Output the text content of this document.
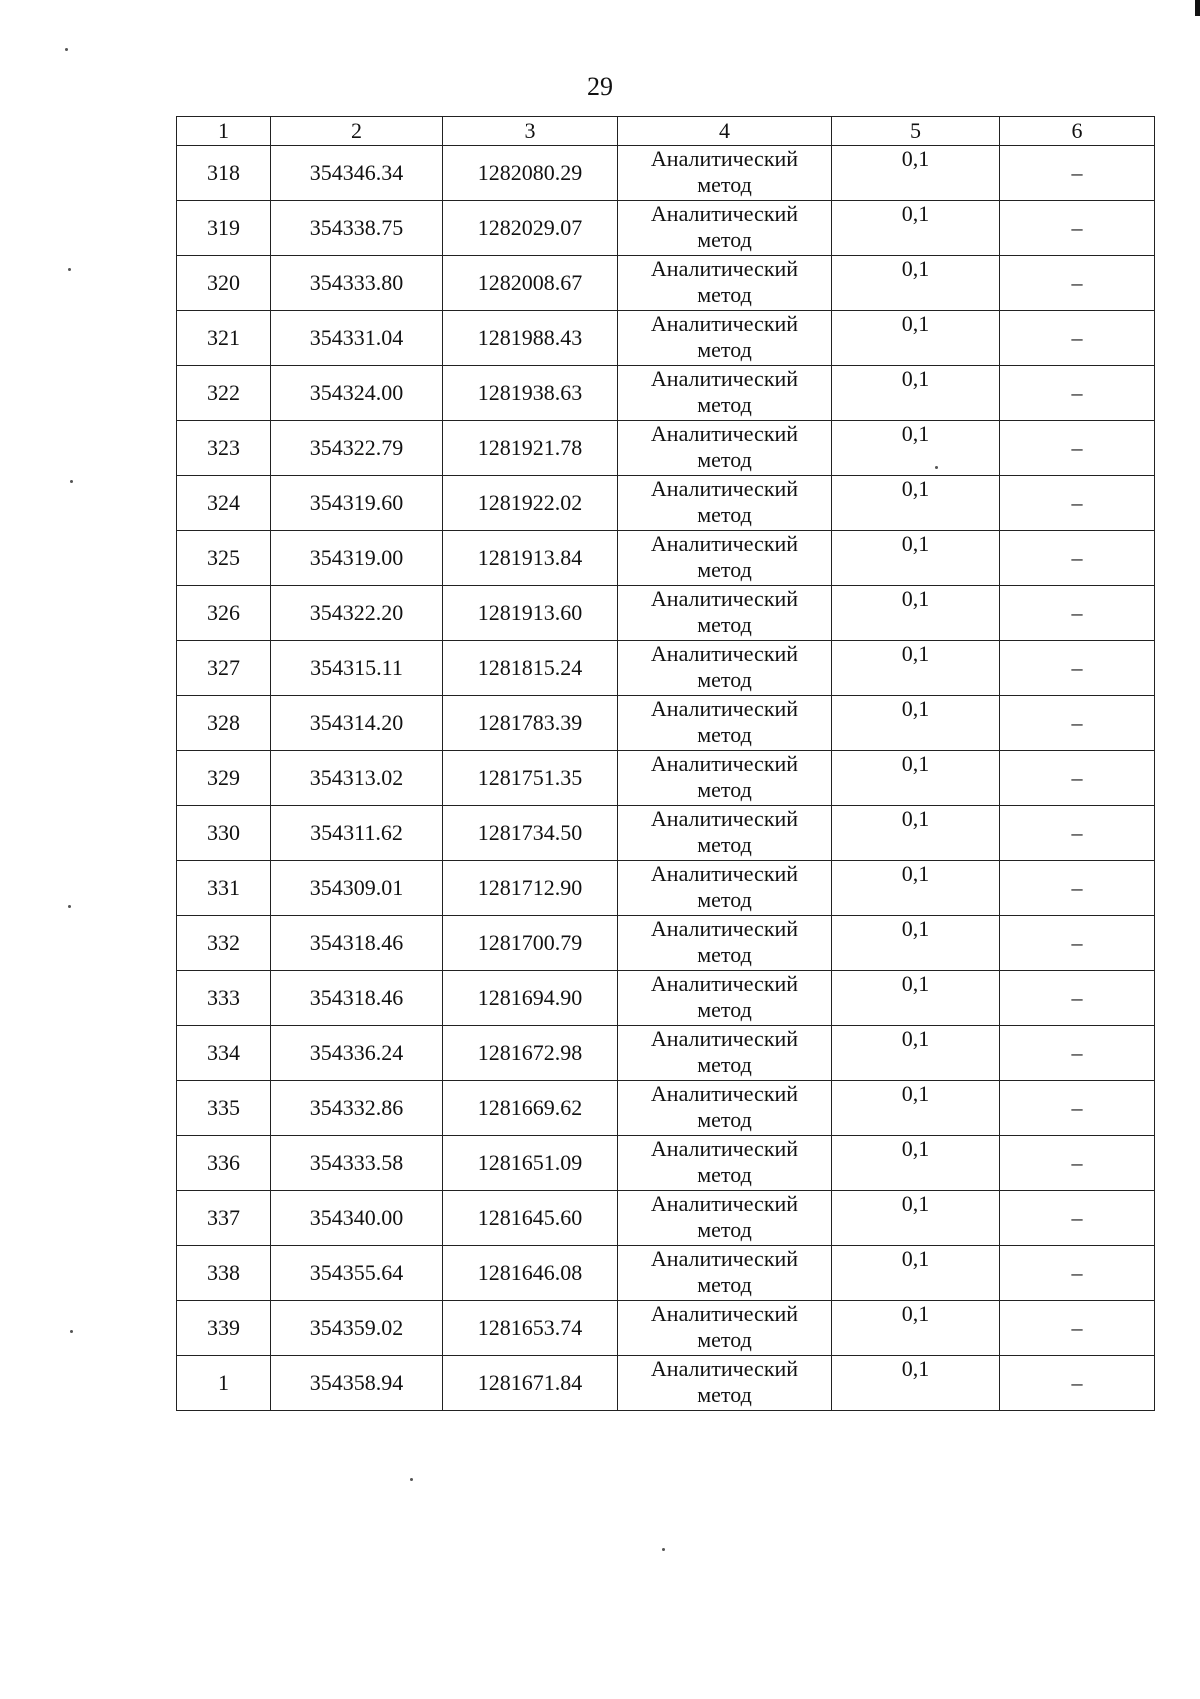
29
1	2	3	4	5	6
318	354346.34	1282080.29	Аналитический
метод	0,1	–
319	354338.75	1282029.07	Аналитический
метод	0,1	–
320	354333.80	1282008.67	Аналитический
метод	0,1	–
321	354331.04	1281988.43	Аналитический
метод	0,1	–
322	354324.00	1281938.63	Аналитический
метод	0,1	–
323	354322.79	1281921.78	Аналитический
метод	0,1	–
324	354319.60	1281922.02	Аналитический
метод	0,1	–
325	354319.00	1281913.84	Аналитический
метод	0,1	–
326	354322.20	1281913.60	Аналитический
метод	0,1	–
327	354315.11	1281815.24	Аналитический
метод	0,1	–
328	354314.20	1281783.39	Аналитический
метод	0,1	–
329	354313.02	1281751.35	Аналитический
метод	0,1	–
330	354311.62	1281734.50	Аналитический
метод	0,1	–
331	354309.01	1281712.90	Аналитический
метод	0,1	–
332	354318.46	1281700.79	Аналитический
метод	0,1	–
333	354318.46	1281694.90	Аналитический
метод	0,1	–
334	354336.24	1281672.98	Аналитический
метод	0,1	–
335	354332.86	1281669.62	Аналитический
метод	0,1	–
336	354333.58	1281651.09	Аналитический
метод	0,1	–
337	354340.00	1281645.60	Аналитический
метод	0,1	–
338	354355.64	1281646.08	Аналитический
метод	0,1	–
339	354359.02	1281653.74	Аналитический
метод	0,1	–
1	354358.94	1281671.84	Аналитический
метод	0,1	–
